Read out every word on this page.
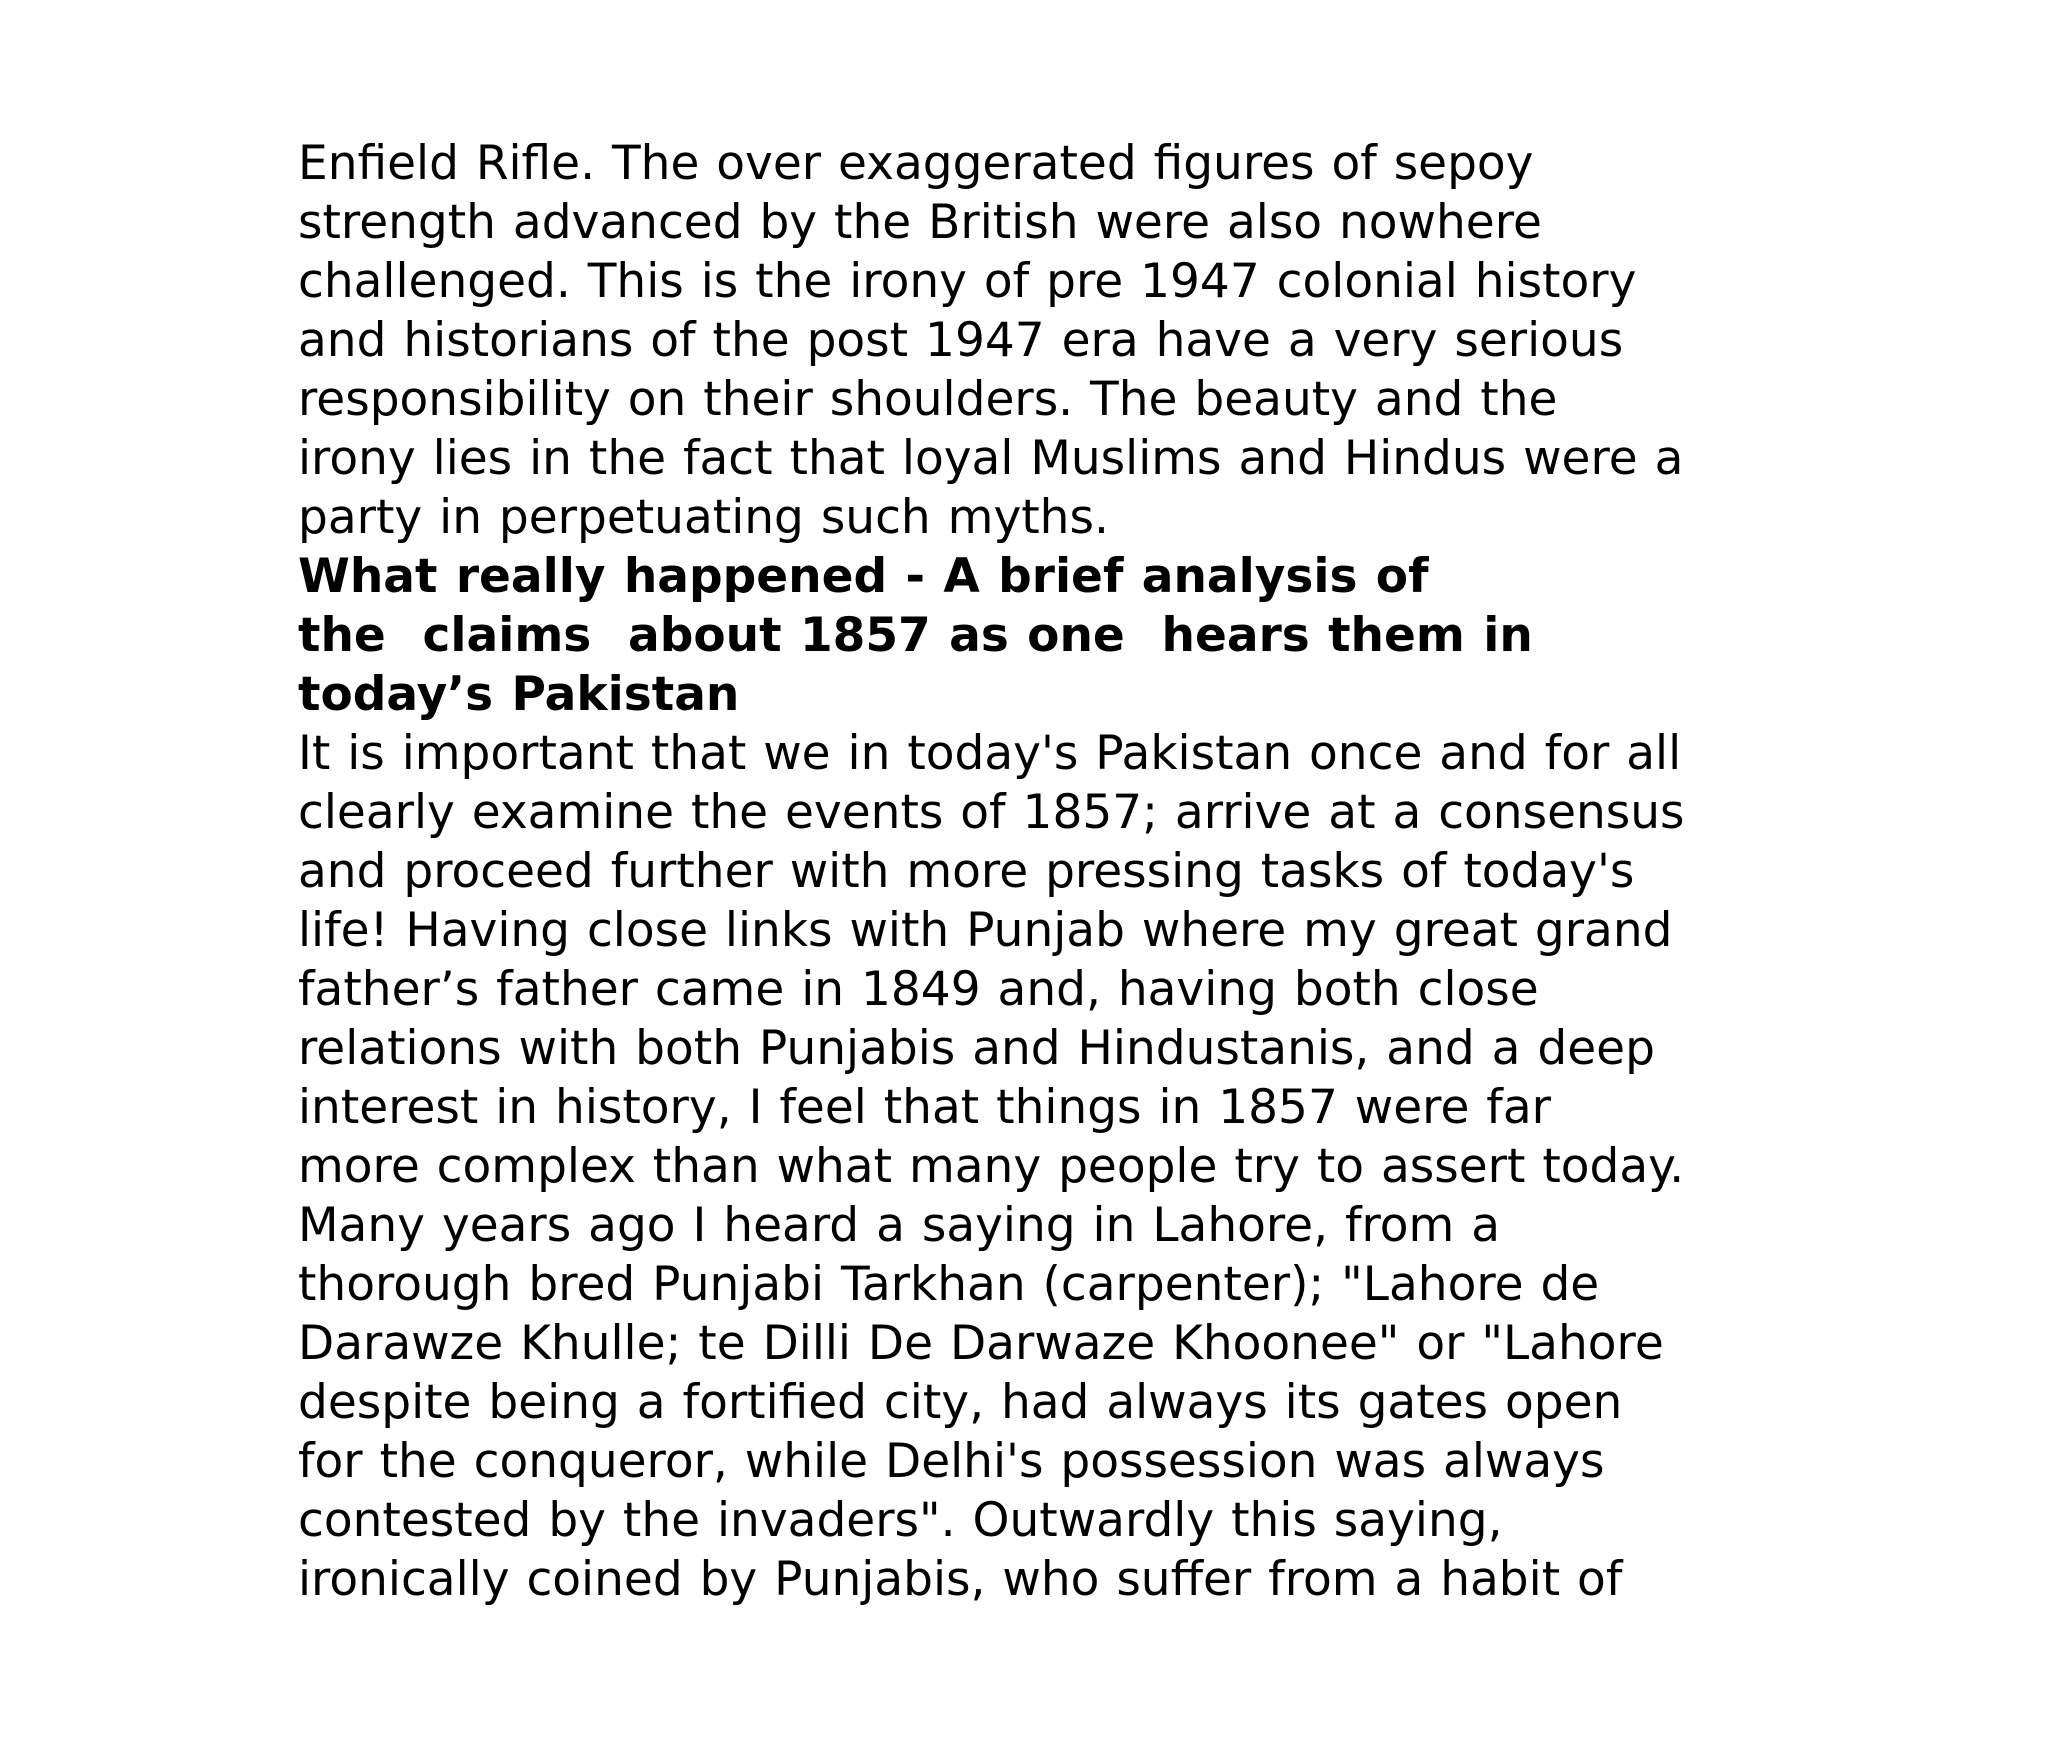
Enfield Rifle. The over exaggerated figures of sepoy
strength advanced by the British were also nowhere
challenged. This is the irony of pre 1947 colonial history
and historians of the post 1947 era have a very serious
responsibility on their shoulders. The beauty and the
irony lies in the fact that loyal Muslims and Hindus were a
party in perpetuating such myths.
What really happened - A brief analysis of
the  claims  about 1857 as one  hears them in
today’s Pakistan
It is important that we in today's Pakistan once and for all
clearly examine the events of 1857; arrive at a consensus
and proceed further with more pressing tasks of today's
life! Having close links with Punjab where my great grand
father’s father came in 1849 and, having both close
relations with both Punjabis and Hindustanis, and a deep
interest in history, I feel that things in 1857 were far
more complex than what many people try to assert today.
Many years ago I heard a saying in Lahore, from a
thorough bred Punjabi Tarkhan (carpenter); "Lahore de
Darawze Khulle; te Dilli De Darwaze Khoonee" or "Lahore
despite being a fortified city, had always its gates open
for the conqueror, while Delhi's possession was always
contested by the invaders". Outwardly this saying,
ironically coined by Punjabis, who suffer from a habit of
